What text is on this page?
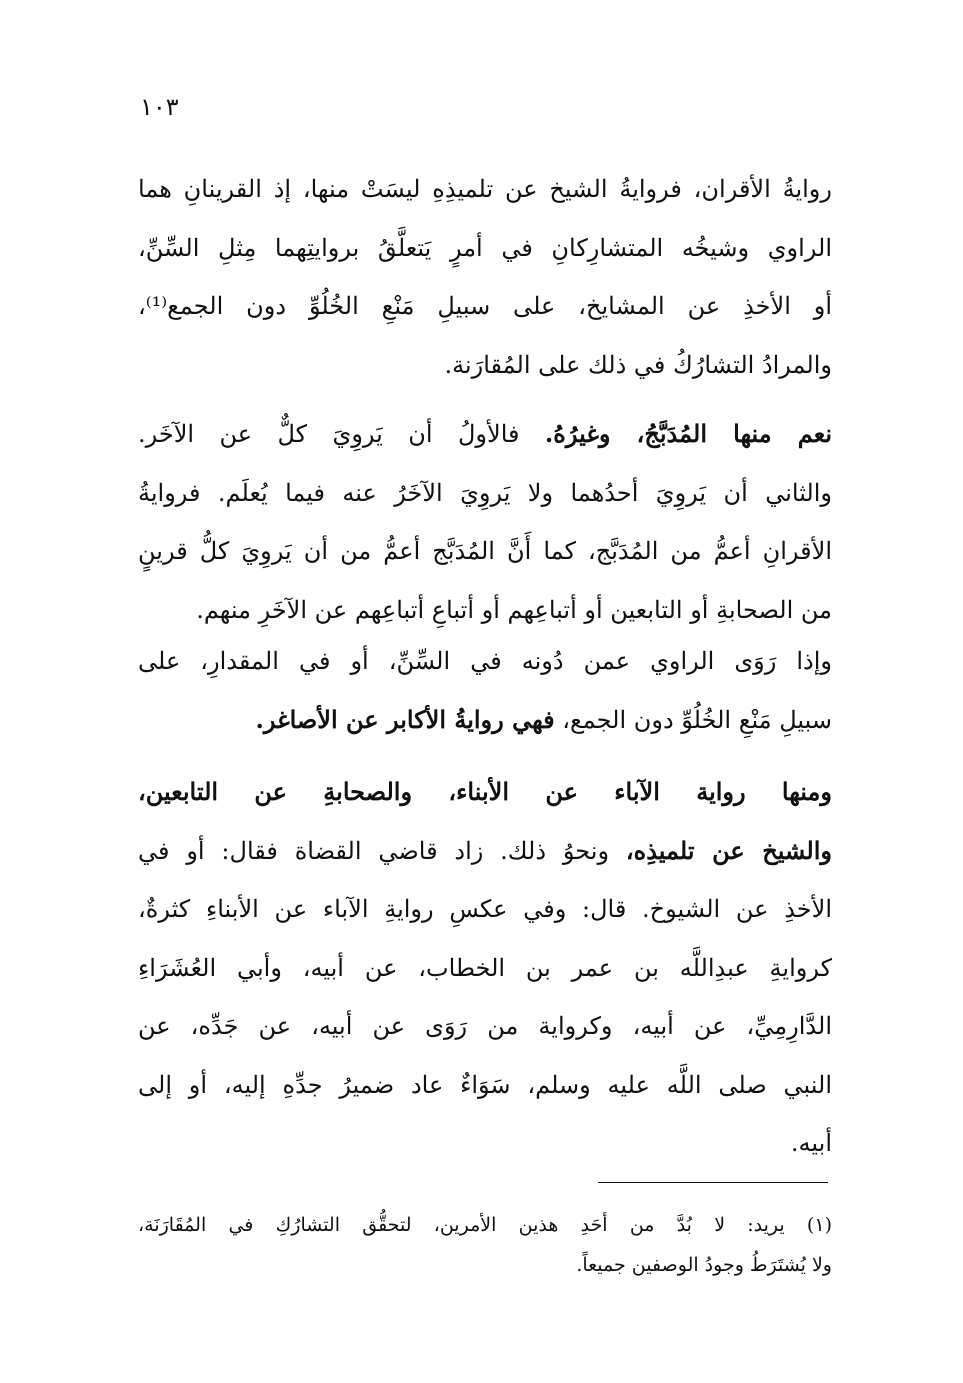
١٠٣
روايةُ الأقران، فروايةُ الشيخ عن تلميذِهِ ليسَتْ منها، إذ القرينانِ هما
الراوي وشيخُه المتشارِكانِ في أمرٍ يَتعلَّقُ بروايتِهما مِثلِ السِّنِّ،
أو الأخذِ عن المشايخ، على سبيلِ مَنْعِ الخُلُوِّ دون الجمع⁽¹⁾،
والمرادُ التشارُكُ في ذلك على المُقارَنة.
نعم منها المُدَبَّجُ، وغيرُهُ. فالأولُ أن يَروِيَ كلٌّ عن الآخَر.
والثاني أن يَروِيَ أحدُهما ولا يَروِيَ الآخَرُ عنه فيما يُعلَم. فروايةُ
الأقرانِ أعمُّ من المُدَبَّج، كما أَنَّ المُدَبَّج أعمُّ من أن يَروِيَ كلُّ قرينٍ
من الصحابةِ أو التابعين أو أتباعِهم أو أتباعِ أتباعِهم عن الآخَرِ منهم.
وإذا رَوَى الراوي عمن دُونه في السِّنِّ، أو في المقدارِ، على
سبيلِ مَنْعِ الخُلُوِّ دون الجمع، فهي روايةُ الأكابر عن الأصاغر.
ومنها رواية الآباء عن الأبناء، والصحابةِ عن التابعين،
والشيخ عن تلميذِه، ونحوُ ذلك. زاد قاضي القضاة فقال: أو في
الأخذِ عن الشيوخ. قال: وفي عكسِ روايةِ الآباء عن الأبناءِ كثرةٌ،
كروايةِ عبدِاللَّه بن عمر بن الخطاب، عن أبيه، وأبي العُشَرَاءِ
الدَّارِمِيِّ، عن أبيه، وكرواية من رَوَى عن أبيه، عن جَدِّه، عن
النبي صلى اللَّه عليه وسلم، سَوَاءٌ عاد ضميرُ جدِّهِ إليه، أو إلى
أبيه.
(١) يريد: لا بُدَّ من أحَدِ هذين الأمرين، لتحقُّق التشارُكِ في المُقَارَنَة،
ولا يُشتَرَطُ وجودُ الوصفين جميعاً.
